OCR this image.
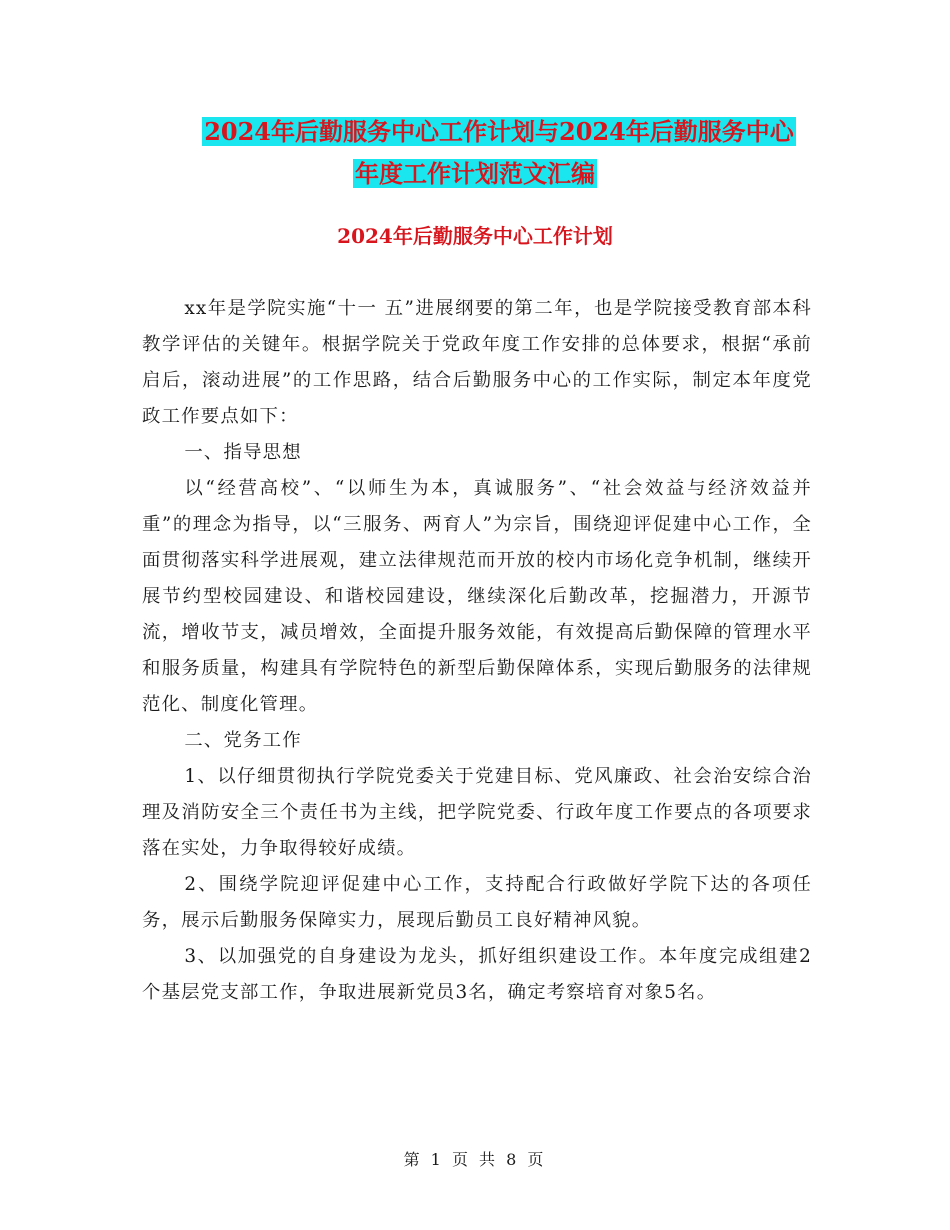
2024年后勤服务中心工作计划与2024年后勤服务中心
年度工作计划范文汇编
2024年后勤服务中心工作计划

xx年是学院实施“十一 五”进展纲要的第二年，也是学院接受教育部本科教学评估的关键年。根据学院关于党政年度工作安排的总体要求，根据“承前启后，滚动进展”的工作思路，结合后勤服务中心的工作实际，制定本年度党政工作要点如下：

一、指导思想

以“经营高校”、“以师生为本，真诚服务”、“社会效益与经济效益并重”的理念为指导，以“三服务、两育人”为宗旨，围绕迎评促建中心工作，全面贯彻落实科学进展观，建立法律规范而开放的校内市场化竞争机制，继续开展节约型校园建设、和谐校园建设，继续深化后勤改革，挖掘潜力，开源节流，增收节支，减员增效，全面提升服务效能，有效提高后勤保障的管理水平和服务质量，构建具有学院特色的新型后勤保障体系，实现后勤服务的法律规范化、制度化管理。

二、党务工作

1、以仔细贯彻执行学院党委关于党建目标、党风廉政、社会治安综合治理及消防安全三个责任书为主线，把学院党委、行政年度工作要点的各项要求落在实处，力争取得较好成绩。

2、围绕学院迎评促建中心工作，支持配合行政做好学院下达的各项任务，展示后勤服务保障实力，展现后勤员工良好精神风貌。

3、以加强党的自身建设为龙头，抓好组织建设工作。本年度完成组建2个基层党支部工作，争取进展新党员3名，确定考察培育对象5名。

第 1 页 共 8 页
